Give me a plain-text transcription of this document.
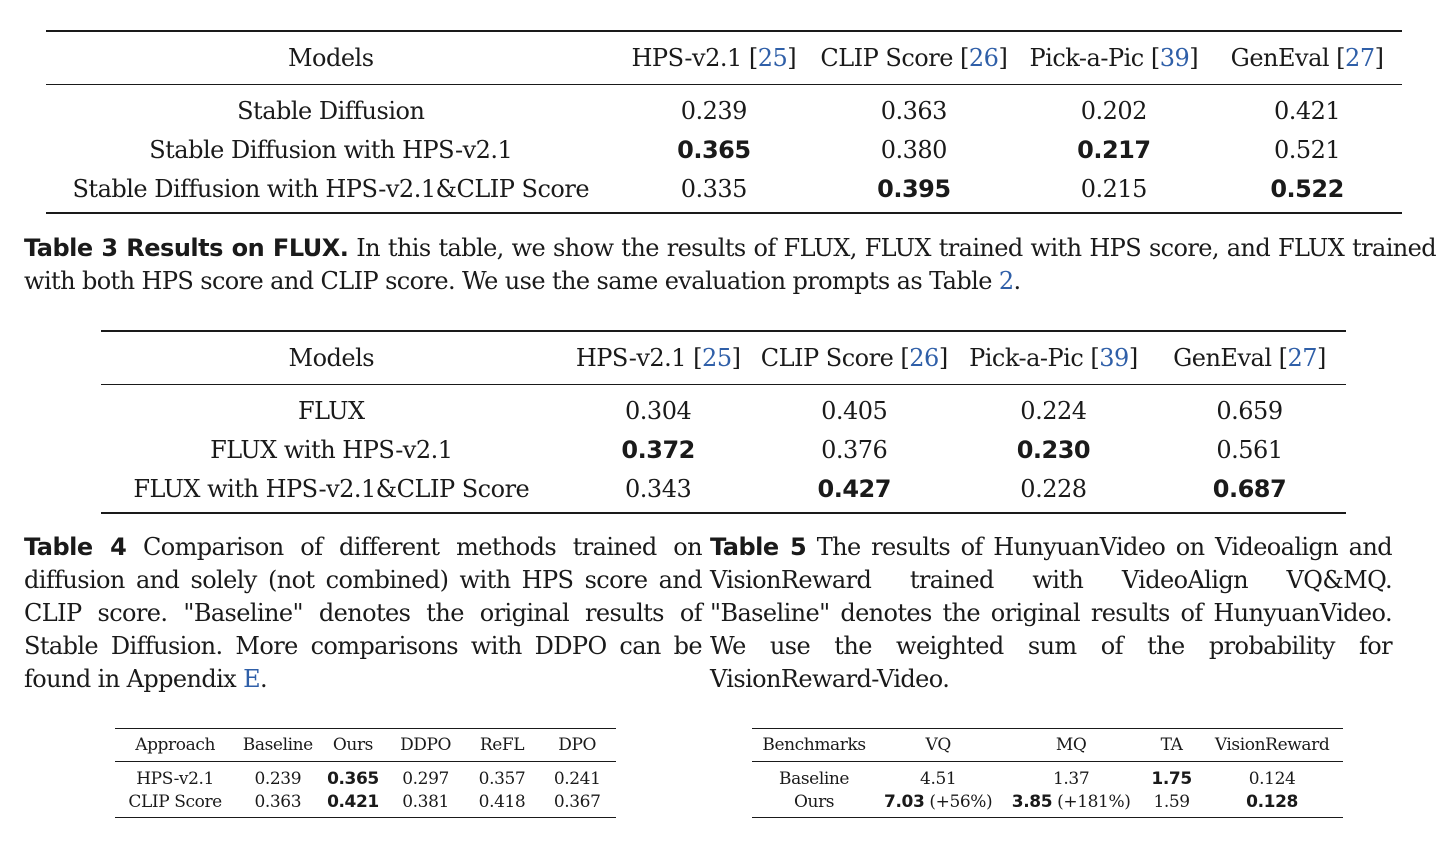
Models	HPS-v2.1 [25]	CLIP Score [26]	Pick-a-Pic [39]	GenEval [27]
Stable Diffusion	0.239	0.363	0.202	0.421
Stable Diffusion with HPS-v2.1	0.365	0.380	0.217	0.521
Stable Diffusion with HPS-v2.1&CLIP Score	0.335	0.395	0.215	0.522
Table 3 Results on FLUX. In this table, we show the results of FLUX, FLUX trained with HPS score, and FLUX trained with both HPS score and CLIP score. We use the same evaluation prompts as Table 2.
Models	HPS-v2.1 [25]	CLIP Score [26]	Pick-a-Pic [39]	GenEval [27]
FLUX	0.304	0.405	0.224	0.659
FLUX with HPS-v2.1	0.372	0.376	0.230	0.561
FLUX with HPS-v2.1&CLIP Score	0.343	0.427	0.228	0.687
Table 4 Comparison of different methods trained on diffusion and solely (not combined) with HPS score and CLIP score. "Baseline" denotes the original results of Stable Diffusion. More comparisons with DDPO can be found in Appendix E.
Table 5 The results of HunyuanVideo on Videoalign and VisionReward trained with VideoAlign VQ&MQ. "Baseline" denotes the original results of HunyuanVideo. We use the weighted sum of the probability for VisionReward-Video.
Approach	Baseline	Ours	DDPO	ReFL	DPO
HPS-v2.1	0.239	0.365	0.297	0.357	0.241
CLIP Score	0.363	0.421	0.381	0.418	0.367
Benchmarks	VQ	MQ	TA	VisionReward
Baseline	4.51	1.37	1.75	0.124
Ours	7.03 (+56%)	3.85 (+181%)	1.59	0.128
